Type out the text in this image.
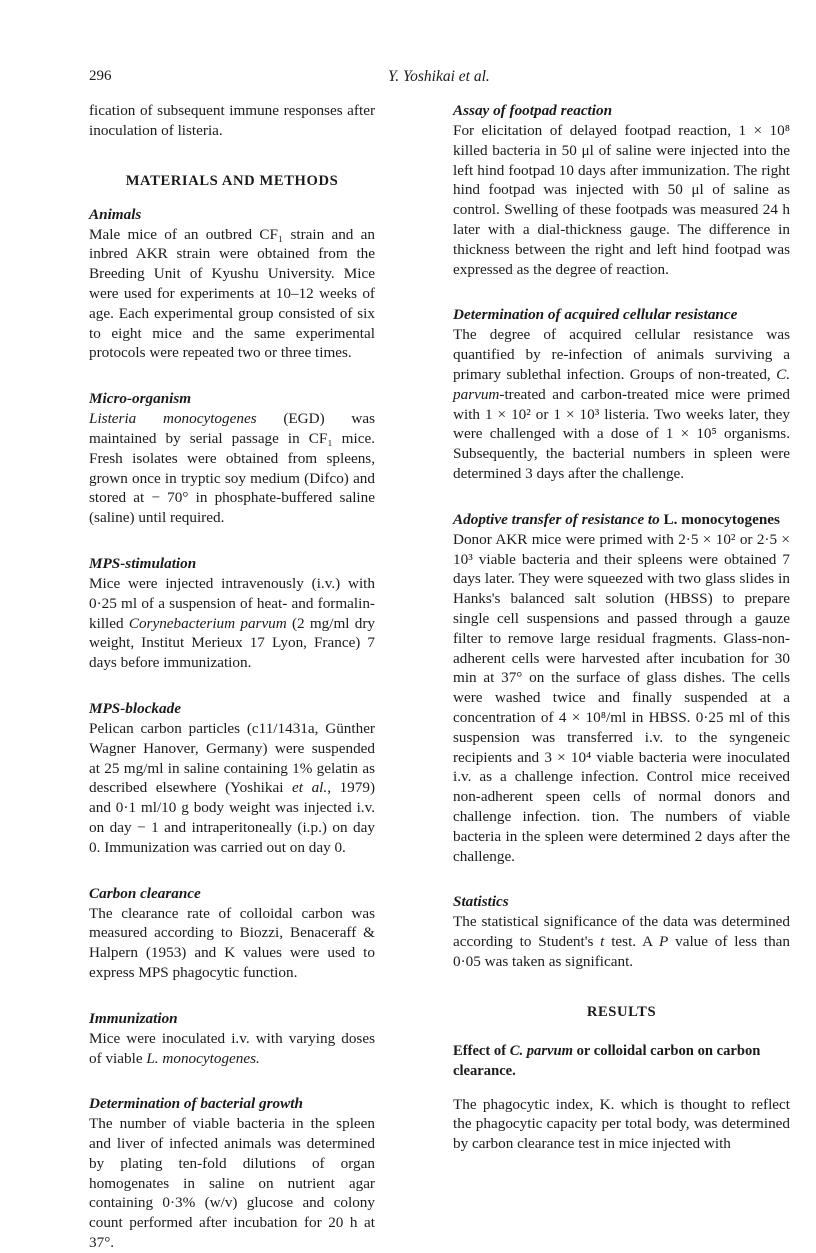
296	Y. Yoshikai et al.

fication of subsequent immune responses after inoculation of listeria.

MATERIALS AND METHODS
Animals

Male mice of an outbred CF₁ strain and an inbred AKR strain were obtained from the Breeding Unit of Kyushu University. Mice were used for experiments at 10–12 weeks of age. Each experimental group consisted of six to eight mice and the same experimental protocols were repeated two or three times.

Micro-organism

Listeria monocytogenes (EGD) was maintained by serial passage in CF₁ mice. Fresh isolates were obtained from spleens, grown once in tryptic soy medium (Difco) and stored at − 70° in phosphate-buffered saline (saline) until required.

MPS-stimulation

Mice were injected intravenously (i.v.) with 0·25 ml of a suspension of heat- and formalin-killed Corynebacterium parvum (2 mg/ml dry weight, Institut Merieux 17 Lyon, France) 7 days before immunization.

MPS-blockade

Pelican carbon particles (c11/1431a, Günther Wagner Hanover, Germany) were suspended at 25 mg/ml in saline containing 1% gelatin as described elsewhere (Yoshikai et al., 1979) and 0·1 ml/10 g body weight was injected i.v. on day − 1 and intraperitoneally (i.p.) on day 0. Immunization was carried out on day 0.

Carbon clearance

The clearance rate of colloidal carbon was measured according to Biozzi, Benaceraff & Halpern (1953) and K values were used to express MPS phagocytic function.

Immunization

Mice were inoculated i.v. with varying doses of viable L. monocytogenes.

Determination of bacterial growth

The number of viable bacteria in the spleen and liver of infected animals was determined by plating ten-fold dilutions of organ homogenates in saline on nutrient agar containing 0·3% (w/v) glucose and colony count performed after incubation for 20 h at 37°.

Assay of footpad reaction

For elicitation of delayed footpad reaction, 1 × 10⁸ killed bacteria in 50 μl of saline were injected into the left hind footpad 10 days after immunization. The right hind footpad was injected with 50 μl of saline as control. Swelling of these footpads was measured 24 h later with a dial-thickness gauge. The difference in thickness between the right and left hind footpad was expressed as the degree of reaction.

Determination of acquired cellular resistance

The degree of acquired cellular resistance was quantified by re-infection of animals surviving a primary sublethal infection. Groups of non-treated, C. parvum-treated and carbon-treated mice were primed with 1 × 10² or 1 × 10³ listeria. Two weeks later, they were challenged with a dose of 1 × 10⁵ organisms. Subsequently, the bacterial numbers in spleen were determined 3 days after the challenge.

Adoptive transfer of resistance to L. monocytogenes

Donor AKR mice were primed with 2·5 × 10² or 2·5 × 10³ viable bacteria and their spleens were obtained 7 days later. They were squeezed with two glass slides in Hanks's balanced salt solution (HBSS) to prepare single cell suspensions and passed through a gauze filter to remove large residual fragments. Glass-non-adherent cells were harvested after incubation for 30 min at 37° on the surface of glass dishes. The cells were washed twice and finally suspended at a concentration of 4 × 10⁸/ml in HBSS. 0·25 ml of this suspension was transferred i.v. to the syngeneic recipients and 3 × 10⁴ viable bacteria were inoculated i.v. as a challenge infection. Control mice received non-adherent speen cells of normal donors and challenge infection. tion. The numbers of viable bacteria in the spleen were determined 2 days after the challenge.

Statistics

The statistical significance of the data was determined according to Student's t test. A P value of less than 0·05 was taken as significant.

RESULTS
Effect of C. parvum or colloidal carbon on carbon clearance.

The phagocytic index, K. which is thought to reflect the phagocytic capacity per total body, was determined by carbon clearance test in mice injected with
